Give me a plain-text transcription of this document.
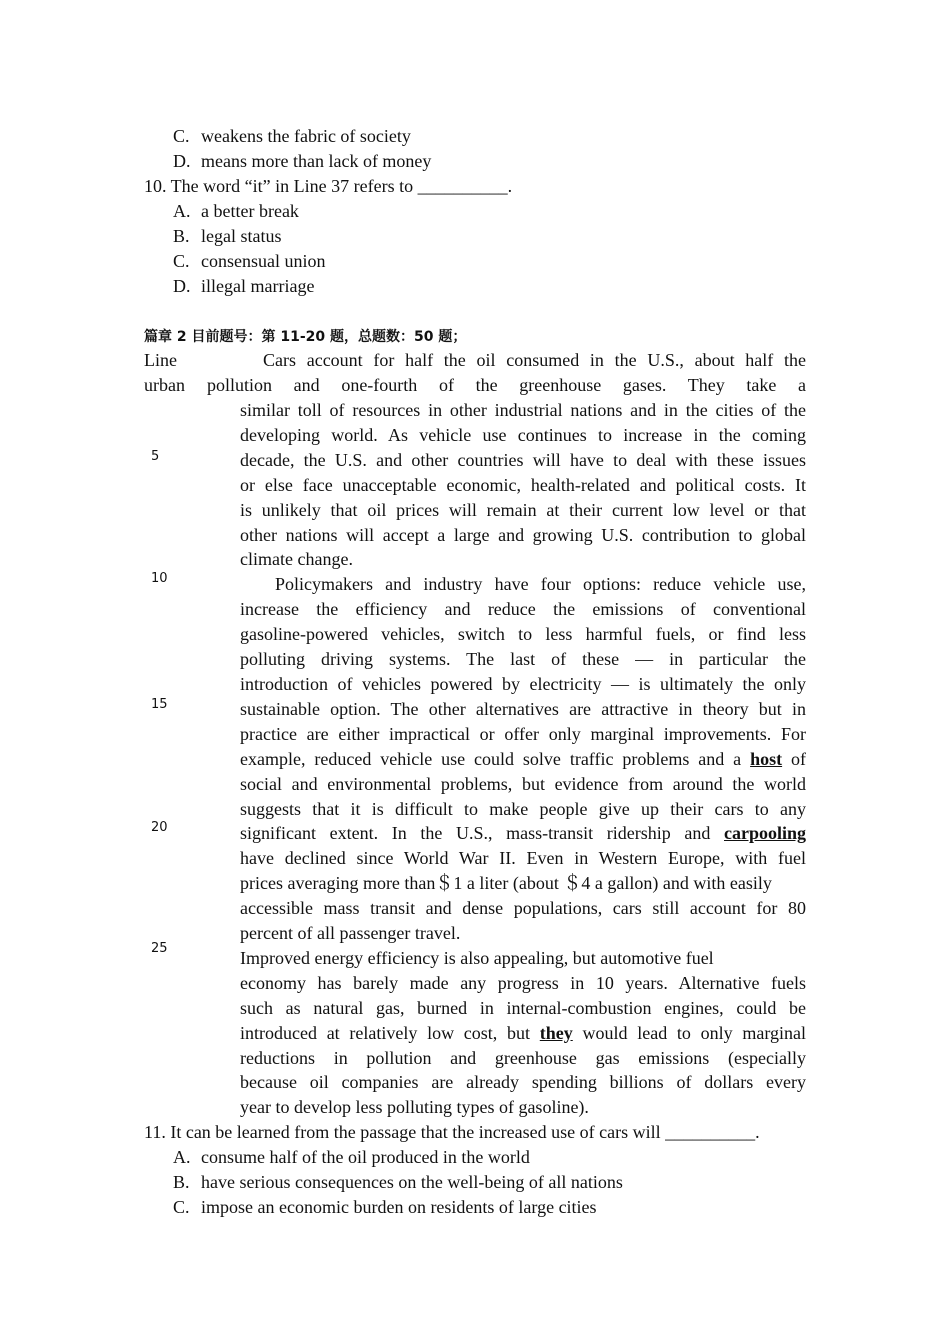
C. weakens the fabric of society
D. means more than lack of money
10. The word “it” in Line 37 refers to __________.
A. a better break
B. legal status
C. consensual union
D. illegal marriage
篇章 2 目前题号：第 11-20 题，总题数：50 题；
Line	Cars account for half the oil consumed in the U.S., about half the
urban pollution and one-fourth of the greenhouse gases. They take a
similar toll of resources in other industrial nations and in the cities of the
developing world. As vehicle use continues to increase in the coming
decade, the U.S. and other countries will have to deal with these issues
or else face unacceptable economic, health-related and political costs. It
is unlikely that oil prices will remain at their current low level or that
other nations will accept a large and growing U.S. contribution to global
climate change.
Policymakers and industry have four options: reduce vehicle use,
increase the efficiency and reduce the emissions of conventional
gasoline-powered vehicles, switch to less harmful fuels, or find less
polluting driving systems. The last of these — in particular the
introduction of vehicles powered by electricity — is ultimately the only
sustainable option. The other alternatives are attractive in theory but in
practice are either impractical or offer only marginal improvements. For
example, reduced vehicle use could solve traffic problems and a host of
social and environmental problems, but evidence from around the world
suggests that it is difficult to make people give up their cars to any
significant extent. In the U.S., mass-transit ridership and carpooling
have declined since World War II. Even in Western Europe, with fuel
prices averaging more than＄1 a liter (about ＄4 a gallon) and with easily
accessible mass transit and dense populations, cars still account for 80
percent of all passenger travel.
Improved energy efficiency is also appealing, but automotive fuel
economy has barely made any progress in 10 years. Alternative fuels
such as natural gas, burned in internal-combustion engines, could be
introduced at relatively low cost, but they would lead to only marginal
reductions in pollution and greenhouse gas emissions (especially
because oil companies are already spending billions of dollars every
year to develop less polluting types of gasoline).
5
10
15
20
25
11. It can be learned from the passage that the increased use of cars will __________.
A. consume half of the oil produced in the world
B. have serious consequences on the well-being of all nations
C. impose an economic burden on residents of large cities
